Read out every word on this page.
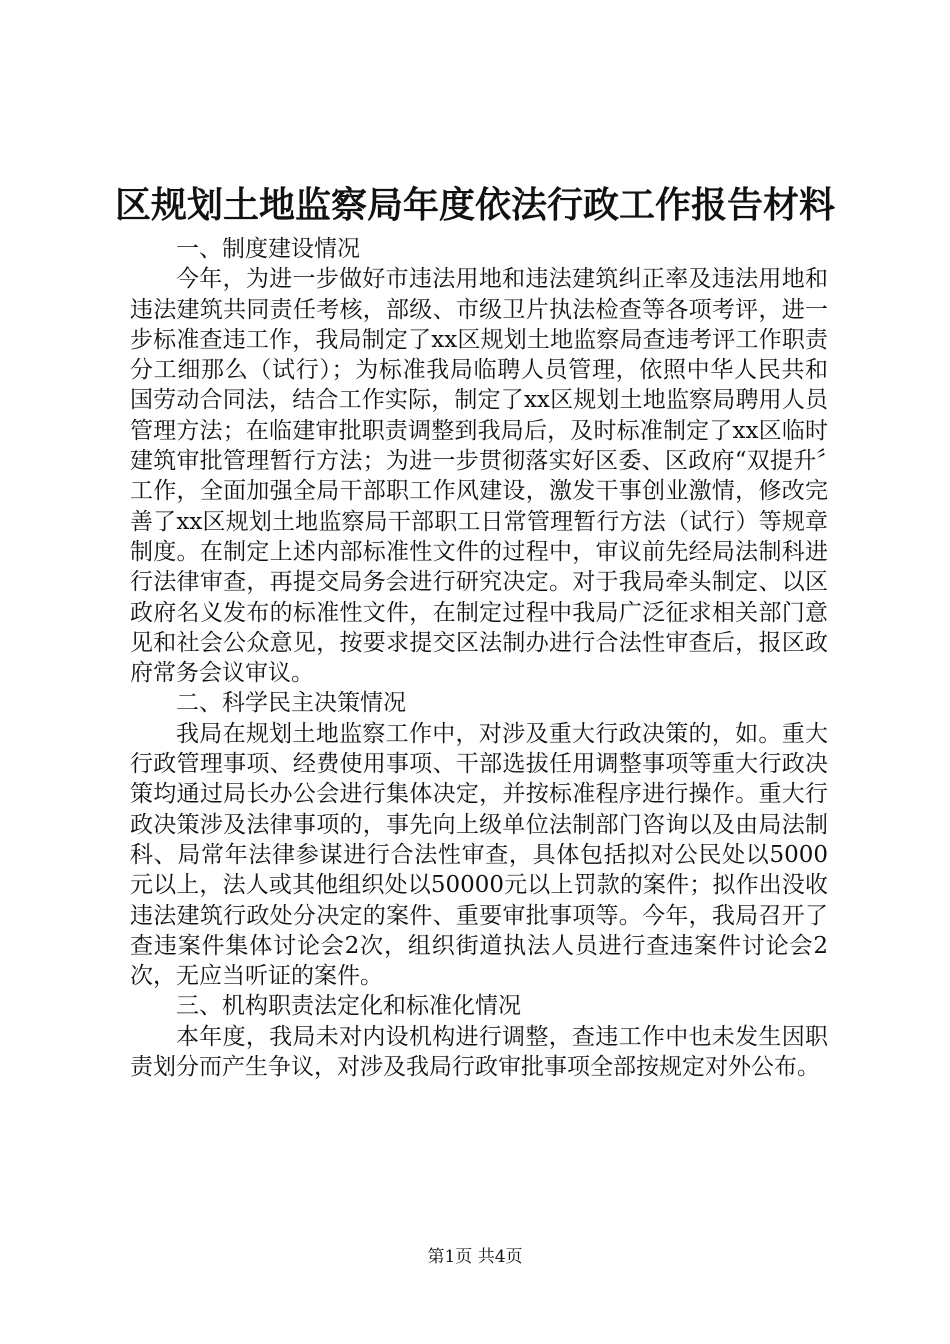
区规划土地监察局年度依法行政工作报告材料

一、制度建设情况

今年，为进一步做好市违法用地和违法建筑纠正率及违法用地和违法建筑共同责任考核，部级、市级卫片执法检查等各项考评，进一步标准查违工作，我局制定了xx区规划土地监察局查违考评工作职责分工细那么（试行）；为标准我局临聘人员管理，依照中华人民共和国劳动合同法，结合工作实际，制定了xx区规划土地监察局聘用人员管理方法；在临建审批职责调整到我局后，及时标准制定了xx区临时建筑审批管理暂行方法；为进一步贯彻落实好区委、区政府“双提升〞工作，全面加强全局干部职工作风建设，激发干事创业激情，修改完善了xx区规划土地监察局干部职工日常管理暂行方法（试行）等规章制度。在制定上述内部标准性文件的过程中，审议前先经局法制科进行法律审查，再提交局务会进行研究决定。对于我局牵头制定、以区政府名义发布的标准性文件，在制定过程中我局广泛征求相关部门意见和社会公众意见，按要求提交区法制办进行合法性审查后，报区政府常务会议审议。

二、科学民主决策情况

我局在规划土地监察工作中，对涉及重大行政决策的，如。重大行政管理事项、经费使用事项、干部选拔任用调整事项等重大行政决策均通过局长办公会进行集体决定，并按标准程序进行操作。重大行政决策涉及法律事项的，事先向上级单位法制部门咨询以及由局法制科、局常年法律参谋进行合法性审查，具体包括拟对公民处以5000元以上，法人或其他组织处以50000元以上罚款的案件；拟作出没收违法建筑行政处分决定的案件、重要审批事项等。今年，我局召开了查违案件集体讨论会2次，组织街道执法人员进行查违案件讨论会2次，无应当听证的案件。

三、机构职责法定化和标准化情况

本年度，我局未对内设机构进行调整，查违工作中也未发生因职责划分而产生争议，对涉及我局行政审批事项全部按规定对外公布。

第1页 共4页
